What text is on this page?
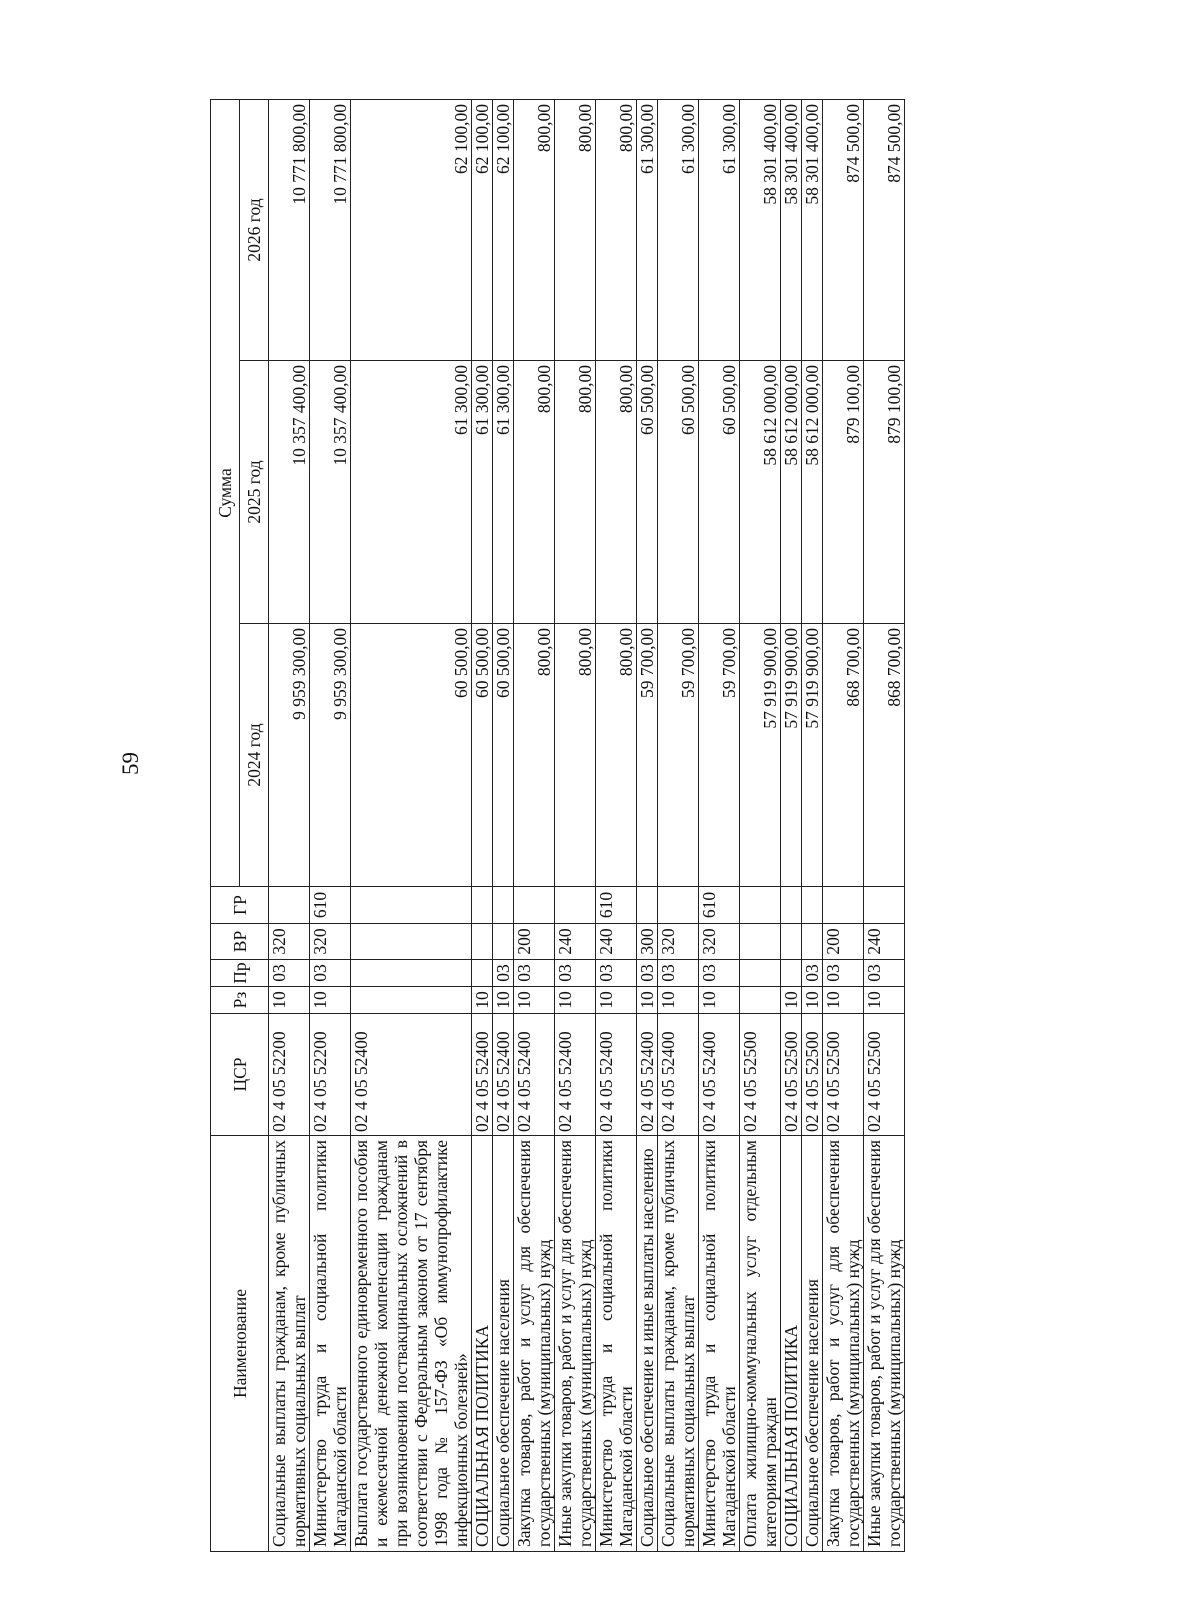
59
Наименование	ЦСР	Рз	Пр	ВР	ГР	Сумма		
						2024 год	2025 год	2026 год
Социальные выплаты гражданам, кроме публичных нормативных социальных выплат	02 4 05 52200	10	03	320		9 959 300,00	10 357 400,00	10 771 800,00
Министерство труда и социальной политики Магаданской области	02 4 05 52200	10	03	320	610	9 959 300,00	10 357 400,00	10 771 800,00
Выплата государственного единовременного пособия и ежемесячной денежной компенсации гражданам при возникновении поствакцинальных осложнений в соответствии с Федеральным законом от 17 сентября 1998 года № 157-ФЗ «Об иммунопрофилактике инфекционных болезней»	02 4 05 52400					60 500,00	61 300,00	62 100,00
СОЦИАЛЬНАЯ ПОЛИТИКА	02 4 05 52400	10				60 500,00	61 300,00	62 100,00
Социальное обеспечение населения	02 4 05 52400	10	03			60 500,00	61 300,00	62 100,00
Закупка товаров, работ и услуг для обеспечения государственных (муниципальных) нужд	02 4 05 52400	10	03	200		800,00	800,00	800,00
Иные закупки товаров, работ и услуг для обеспечения государственных (муниципальных) нужд	02 4 05 52400	10	03	240		800,00	800,00	800,00
Министерство труда и социальной политики Магаданской области	02 4 05 52400	10	03	240	610	800,00	800,00	800,00
Социальное обеспечение и иные выплаты населению	02 4 05 52400	10	03	300		59 700,00	60 500,00	61 300,00
Социальные выплаты гражданам, кроме публичных нормативных социальных выплат	02 4 05 52400	10	03	320		59 700,00	60 500,00	61 300,00
Министерство труда и социальной политики Магаданской области	02 4 05 52400	10	03	320	610	59 700,00	60 500,00	61 300,00
Оплата жилищно-коммунальных услуг отдельным категориям граждан	02 4 05 52500					57 919 900,00	58 612 000,00	58 301 400,00
СОЦИАЛЬНАЯ ПОЛИТИКА	02 4 05 52500	10				57 919 900,00	58 612 000,00	58 301 400,00
Социальное обеспечение населения	02 4 05 52500	10	03			57 919 900,00	58 612 000,00	58 301 400,00
Закупка товаров, работ и услуг для обеспечения государственных (муниципальных) нужд	02 4 05 52500	10	03	200		868 700,00	879 100,00	874 500,00
Иные закупки товаров, работ и услуг для обеспечения государственных (муниципальных) нужд	02 4 05 52500	10	03	240		868 700,00	879 100,00	874 500,00
